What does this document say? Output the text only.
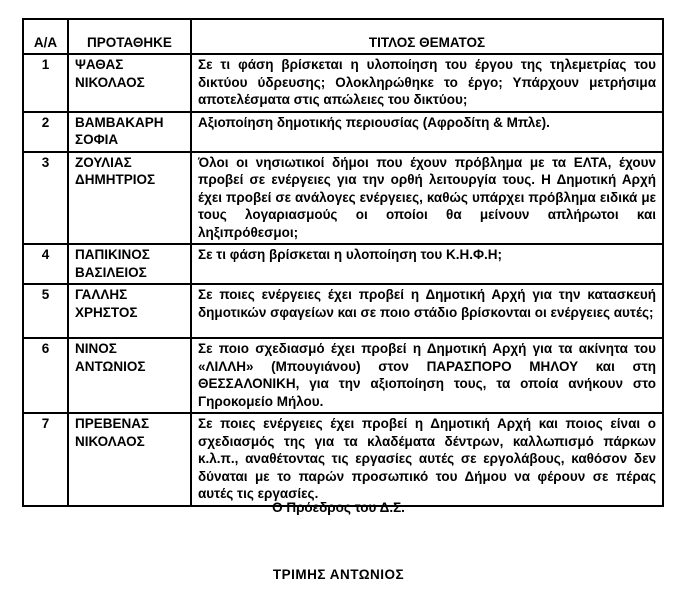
Α/Α	ΠΡΟΤΑΘΗΚΕ	ΤΙΤΛΟΣ ΘΕΜΑΤΟΣ
1	ΨΑΘΑΣ ΝΙΚΟΛΑΟΣ	Σε τι φάση βρίσκεται η υλοποίηση του έργου της τηλεμετρίας του δικτύου ύδρευσης; Ολοκληρώθηκε το έργο; Υπάρχουν μετρήσιμα αποτελέσματα στις απώλειες του δικτύου;
2	ΒΑΜΒΑΚΑΡΗ ΣΟΦΙΑ	Αξιοποίηση δημοτικής περιουσίας (Αφροδίτη & Μπλε).
3	ΖΟΥΛΙΑΣ ΔΗΜΗΤΡΙΟΣ	Όλοι οι νησιωτικοί δήμοι που έχουν πρόβλημα με τα ΕΛΤΑ, έχουν προβεί σε ενέργειες για την ορθή λειτουργία τους. Η Δημοτική Αρχή έχει προβεί σε ανάλογες ενέργειες, καθώς υπάρχει πρόβλημα ειδικά με τους λογαριασμούς οι οποίοι θα μείνουν απλήρωτοι και ληξιπρόθεσμοι;
4	ΠΑΠΙΚΙΝΟΣ ΒΑΣΙΛΕΙΟΣ	Σε τι φάση βρίσκεται η υλοποίηση του Κ.Η.Φ.Η;
5	ΓΑΛΛΗΣ ΧΡΗΣΤΟΣ	Σε ποιες ενέργειες έχει προβεί η Δημοτική Αρχή για την κατασκευή δημοτικών σφαγείων και σε ποιο στάδιο βρίσκονται οι ενέργειες αυτές;
6	ΝΙΝΟΣ ΑΝΤΩΝΙΟΣ	Σε ποιο σχεδιασμό έχει προβεί η Δημοτική Αρχή για τα ακίνητα του «ΛΙΛΛΗ» (Μπουγιάνου) στον ΠΑΡΑΣΠΟΡΟ ΜΗΛΟΥ και στη ΘΕΣΣΑΛΟΝΙΚΗ, για την αξιοποίηση τους, τα οποία ανήκουν στο Γηροκομείο Μήλου.
7	ΠΡΕΒΕΝΑΣ ΝΙΚΟΛΑΟΣ	Σε ποιες ενέργειες έχει προβεί η Δημοτική Αρχή και ποιος είναι ο σχεδιασμός της για τα κλαδέματα δέντρων, καλλωπισμό πάρκων κ.λ.π., αναθέτοντας τις εργασίες αυτές σε εργολάβους, καθόσον δεν δύναται με το παρών προσωπικό του Δήμου να φέρουν σε πέρας αυτές τις εργασίες.
Ο Πρόεδρος του Δ.Σ.
ΤΡΙΜΗΣ ΑΝΤΩΝΙΟΣ
